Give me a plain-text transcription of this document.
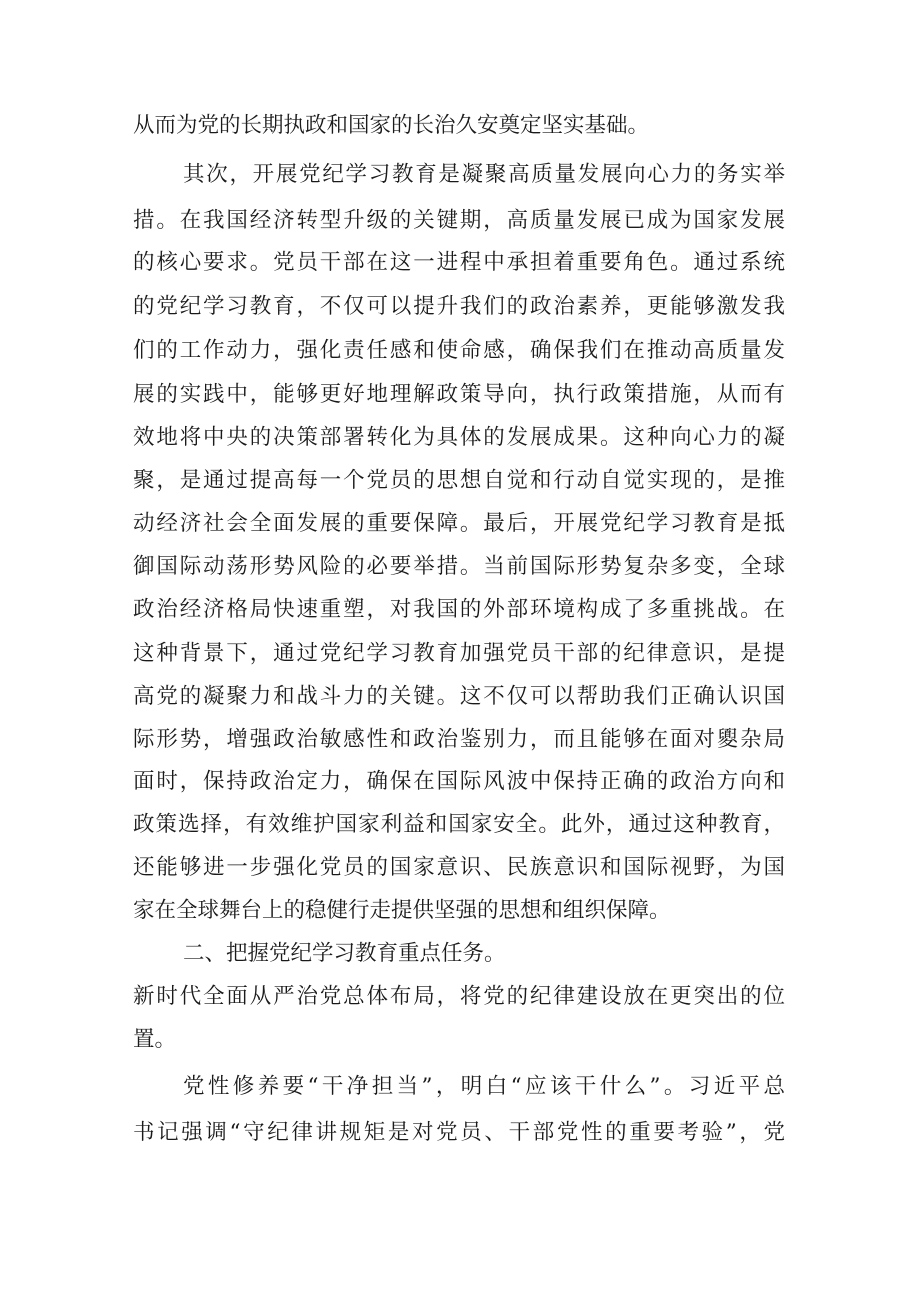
从而为党的长期执政和国家的长治久安奠定坚实基础。
其次，开展党纪学习教育是凝聚高质量发展向心力的务实举
措。在我国经济转型升级的关键期，高质量发展已成为国家发展
的核心要求。党员干部在这一进程中承担着重要角色。通过系统
的党纪学习教育，不仅可以提升我们的政治素养，更能够激发我
们的工作动力，强化责任感和使命感，确保我们在推动高质量发
展的实践中，能够更好地理解政策导向，执行政策措施，从而有
效地将中央的决策部署转化为具体的发展成果。这种向心力的凝
聚，是通过提高每一个党员的思想自觉和行动自觉实现的，是推
动经济社会全面发展的重要保障。最后，开展党纪学习教育是抵
御国际动荡形势风险的必要举措。当前国际形势复杂多变，全球
政治经济格局快速重塑，对我国的外部环境构成了多重挑战。在
这种背景下，通过党纪学习教育加强党员干部的纪律意识，是提
高党的凝聚力和战斗力的关键。这不仅可以帮助我们正确认识国
际形势，增强政治敏感性和政治鉴别力，而且能够在面对夓杂局
面时，保持政治定力，确保在国际风波中保持正确的政治方向和
政策选择，有效维护国家利益和国家安全。此外，通过这种教育，
还能够进一步强化党员的国家意识、民族意识和国际视野，为国
家在全球舞台上的稳健行走提供坚强的思想和组织保障。
二、把握党纪学习教育重点任务。
新时代全面从严治党总体布局，将党的纪律建设放在更突出的位
置。
党性修养要“干净担当”，明白“应该干什么”。习近平总
书记强调“守纪律讲规矩是对党员、干部党性的重要考验”，党
